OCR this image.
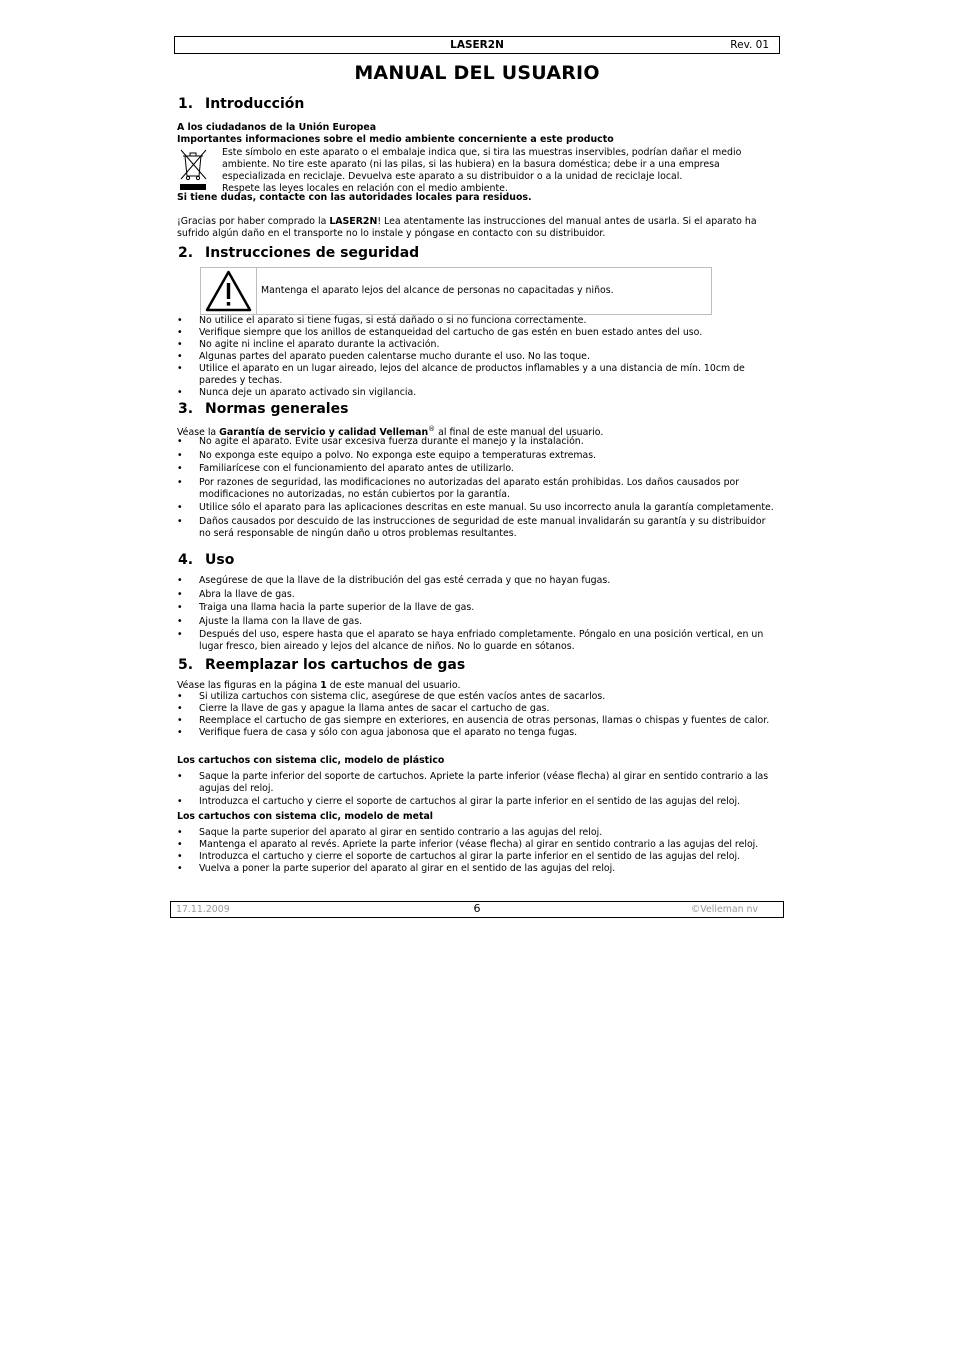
LASER2N	Rev. 01
MANUAL DEL USUARIO
1. Introducción
A los ciudadanos de la Unión Europea
Importantes informaciones sobre el medio ambiente concerniente a este producto
Este símbolo en este aparato o el embalaje indica que, si tira las muestras inservibles, podrían dañar el medio
ambiente. No tire este aparato (ni las pilas, si las hubiera) en la basura doméstica; debe ir a una empresa
especializada en reciclaje. Devuelva este aparato a su distribuidor o a la unidad de reciclaje local.
Respete las leyes locales en relación con el medio ambiente.
Si tiene dudas, contacte con las autoridades locales para residuos.
¡Gracias por haber comprado la LASER2N! Lea atentamente las instrucciones del manual antes de usarla. Si el aparato ha sufrido algún daño en el transporte no lo instale y póngase en contacto con su distribuidor.
2. Instrucciones de seguridad
Mantenga el aparato lejos del alcance de personas no capacitadas y niños.
• No utilice el aparato si tiene fugas, si está dañado o si no funciona correctamente.
• Verifique siempre que los anillos de estanqueidad del cartucho de gas estén en buen estado antes del uso.
• No agite ni incline el aparato durante la activación.
• Algunas partes del aparato pueden calentarse mucho durante el uso. No las toque.
• Utilice el aparato en un lugar aireado, lejos del alcance de productos inflamables y a una distancia de mín. 10cm de paredes y techas.
• Nunca deje un aparato activado sin vigilancia.
3. Normas generales
Véase la Garantía de servicio y calidad Velleman® al final de este manual del usuario.
• No agite el aparato. Evite usar excesiva fuerza durante el manejo y la instalación.
• No exponga este equipo a polvo. No exponga este equipo a temperaturas extremas.
• Familiarícese con el funcionamiento del aparato antes de utilizarlo.
• Por razones de seguridad, las modificaciones no autorizadas del aparato están prohibidas. Los daños causados por modificaciones no autorizadas, no están cubiertos por la garantía.
• Utilice sólo el aparato para las aplicaciones descritas en este manual. Su uso incorrecto anula la garantía completamente.
• Daños causados por descuido de las instrucciones de seguridad de este manual invalidarán su garantía y su distribuidor no será responsable de ningún daño u otros problemas resultantes.
4. Uso
• Asegúrese de que la llave de la distribución del gas esté cerrada y que no hayan fugas.
• Abra la llave de gas.
• Traiga una llama hacia la parte superior de la llave de gas.
• Ajuste la llama con la llave de gas.
• Después del uso, espere hasta que el aparato se haya enfriado completamente. Póngalo en una posición vertical, en un lugar fresco, bien aireado y lejos del alcance de niños. No lo guarde en sótanos.
5. Reemplazar los cartuchos de gas
Véase las figuras en la página 1 de este manual del usuario.
• Si utiliza cartuchos con sistema clic, asegúrese de que estén vacíos antes de sacarlos.
• Cierre la llave de gas y apague la llama antes de sacar el cartucho de gas.
• Reemplace el cartucho de gas siempre en exteriores, en ausencia de otras personas, llamas o chispas y fuentes de calor.
• Verifique fuera de casa y sólo con agua jabonosa que el aparato no tenga fugas.
Los cartuchos con sistema clic, modelo de plástico
• Saque la parte inferior del soporte de cartuchos. Apriete la parte inferior (véase flecha) al girar en sentido contrario a las agujas del reloj.
• Introduzca el cartucho y cierre el soporte de cartuchos al girar la parte inferior en el sentido de las agujas del reloj.
Los cartuchos con sistema clic, modelo de metal
• Saque la parte superior del aparato al girar en sentido contrario a las agujas del reloj.
• Mantenga el aparato al revés. Apriete la parte inferior (véase flecha) al girar en sentido contrario a las agujas del reloj.
• Introduzca el cartucho y cierre el soporte de cartuchos al girar la parte inferior en el sentido de las agujas del reloj.
• Vuelva a poner la parte superior del aparato al girar en el sentido de las agujas del reloj.
17.11.2009	6	©Velleman nv
